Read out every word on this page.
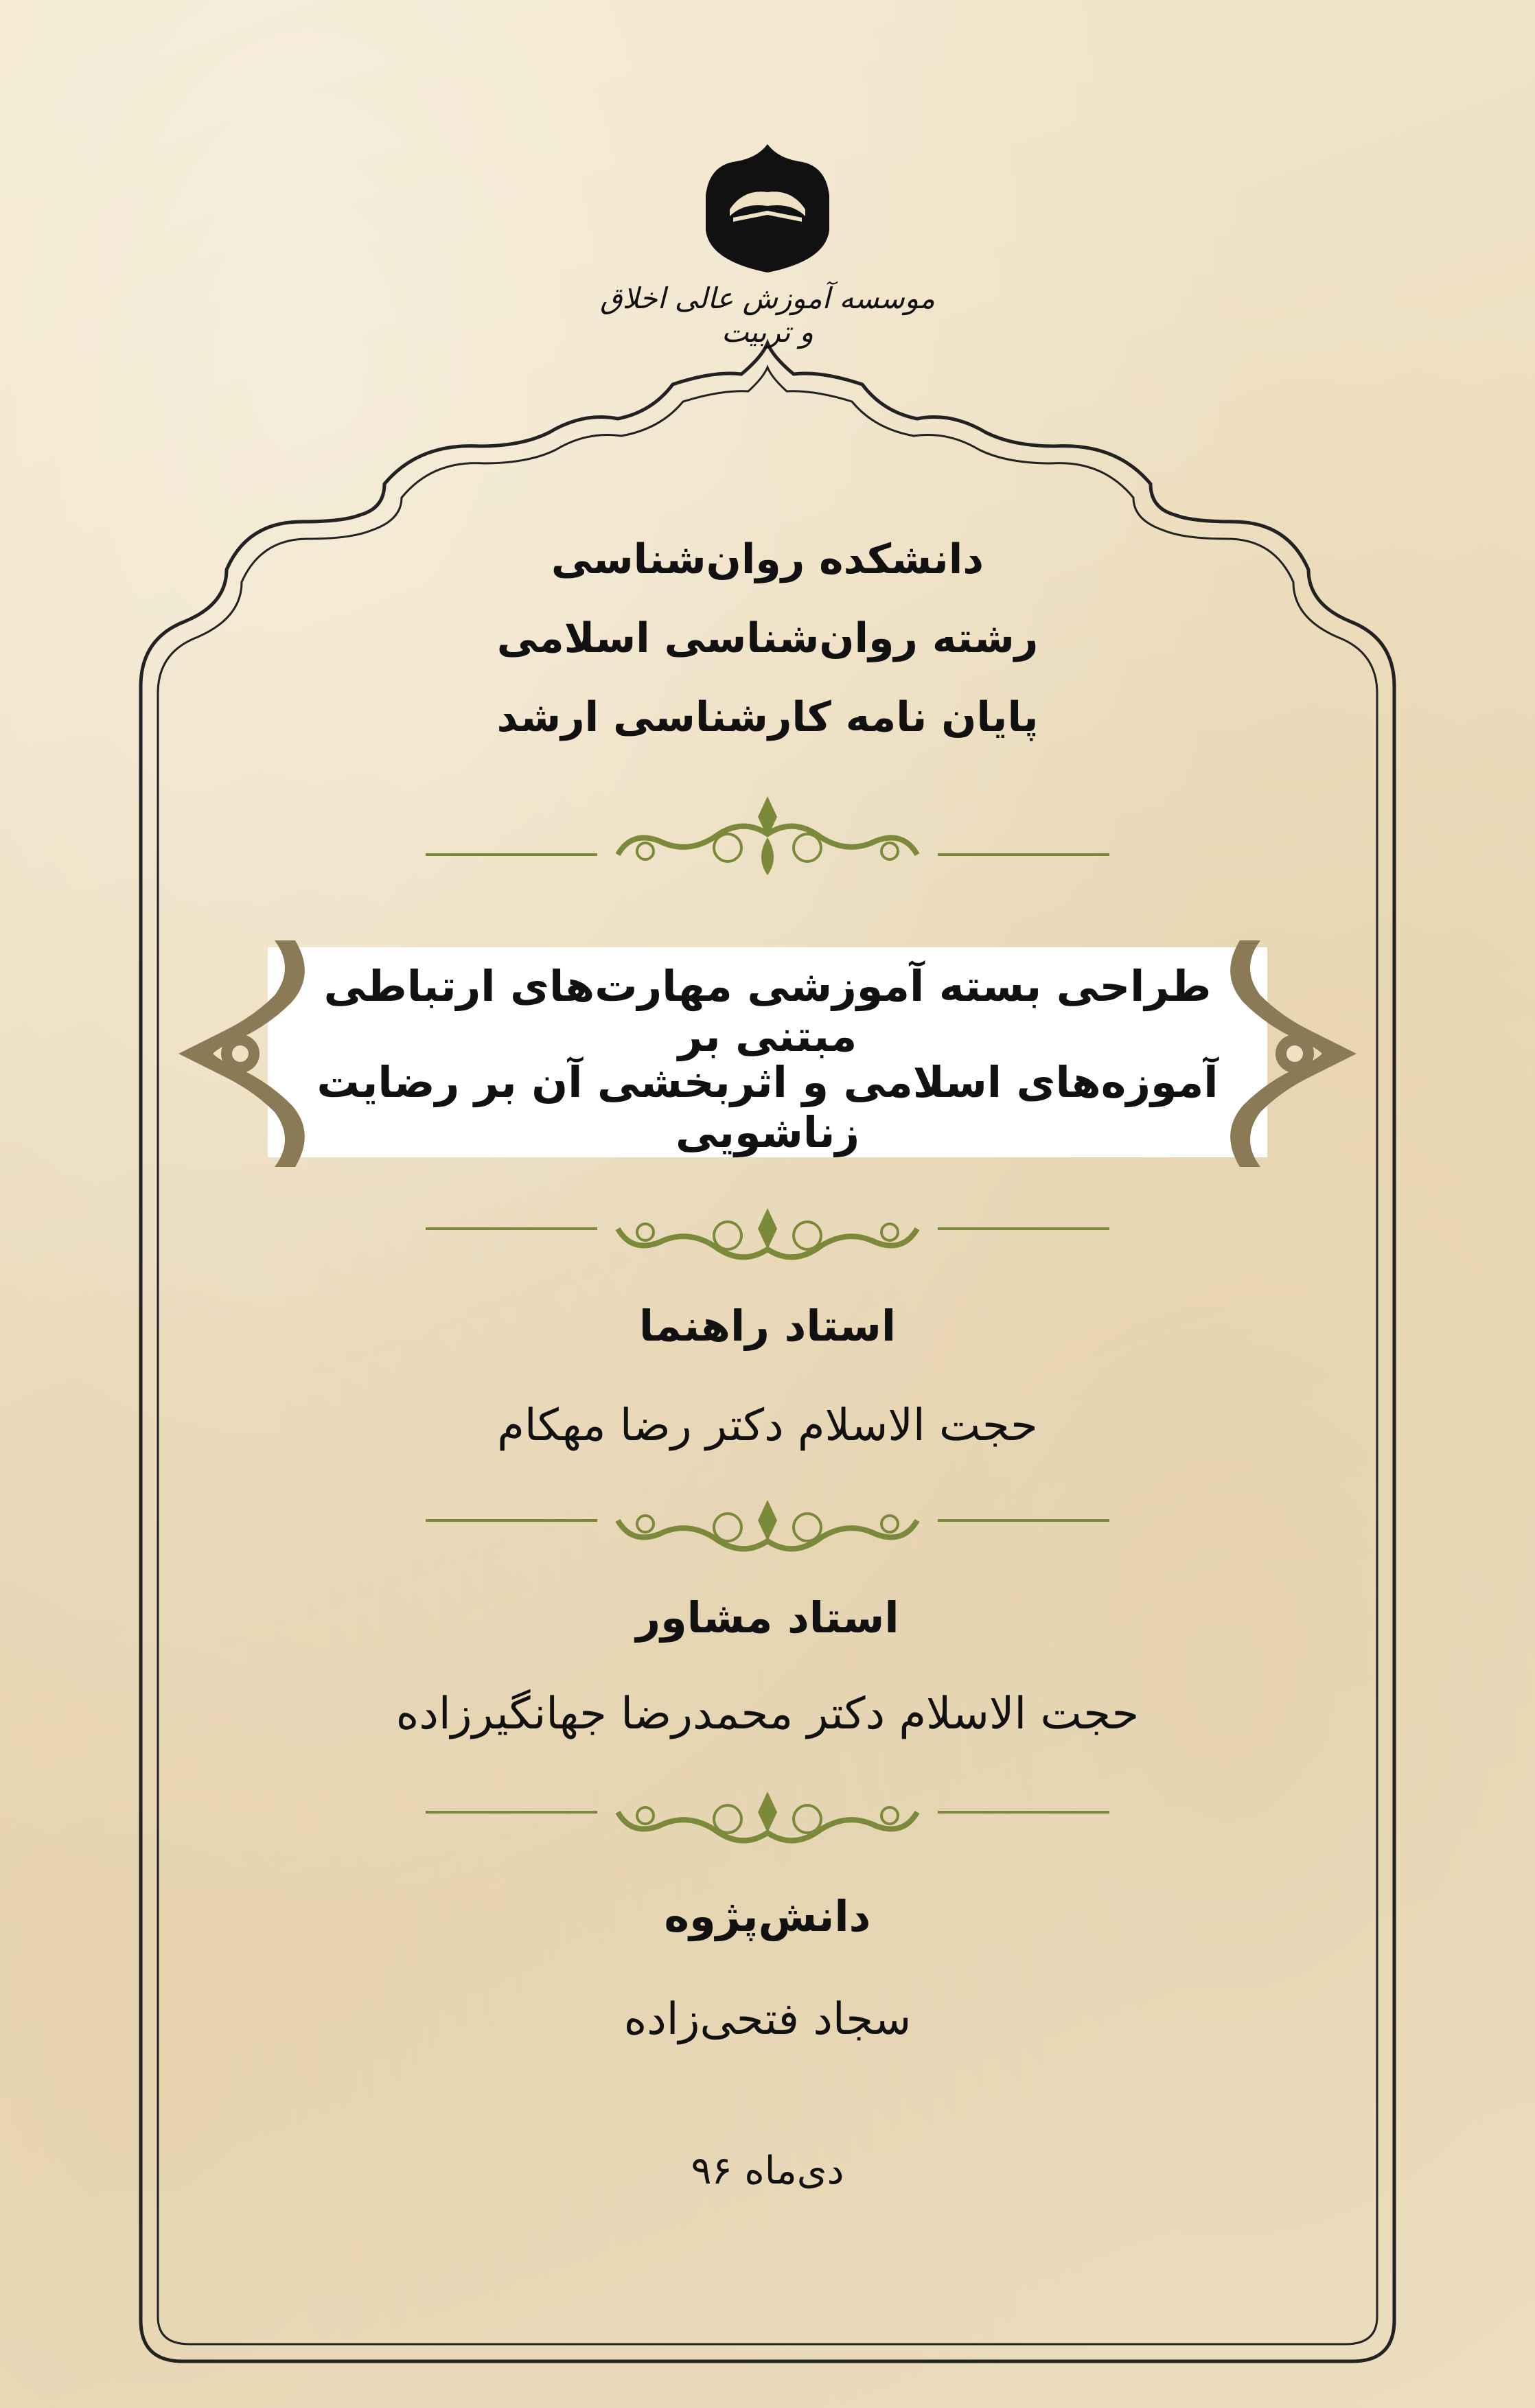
موسسه آموزش عالی اخلاق و تربیت
دانشکده روان‌شناسی
رشته روان‌شناسی اسلامی
پایان نامه کارشناسی ارشد
طراحی بسته آموزشی مهارت‌های ارتباطی مبتنی بر
آموزه‌های اسلامی و اثربخشی آن بر رضایت زناشویی
استاد راهنما
حجت الاسلام دکتر رضا مهکام
استاد مشاور
حجت الاسلام دکتر محمدرضا جهانگیرزاده
دانش‌پژوه
سجاد فتحی‌زاده
دی‌ماه ۹۶
